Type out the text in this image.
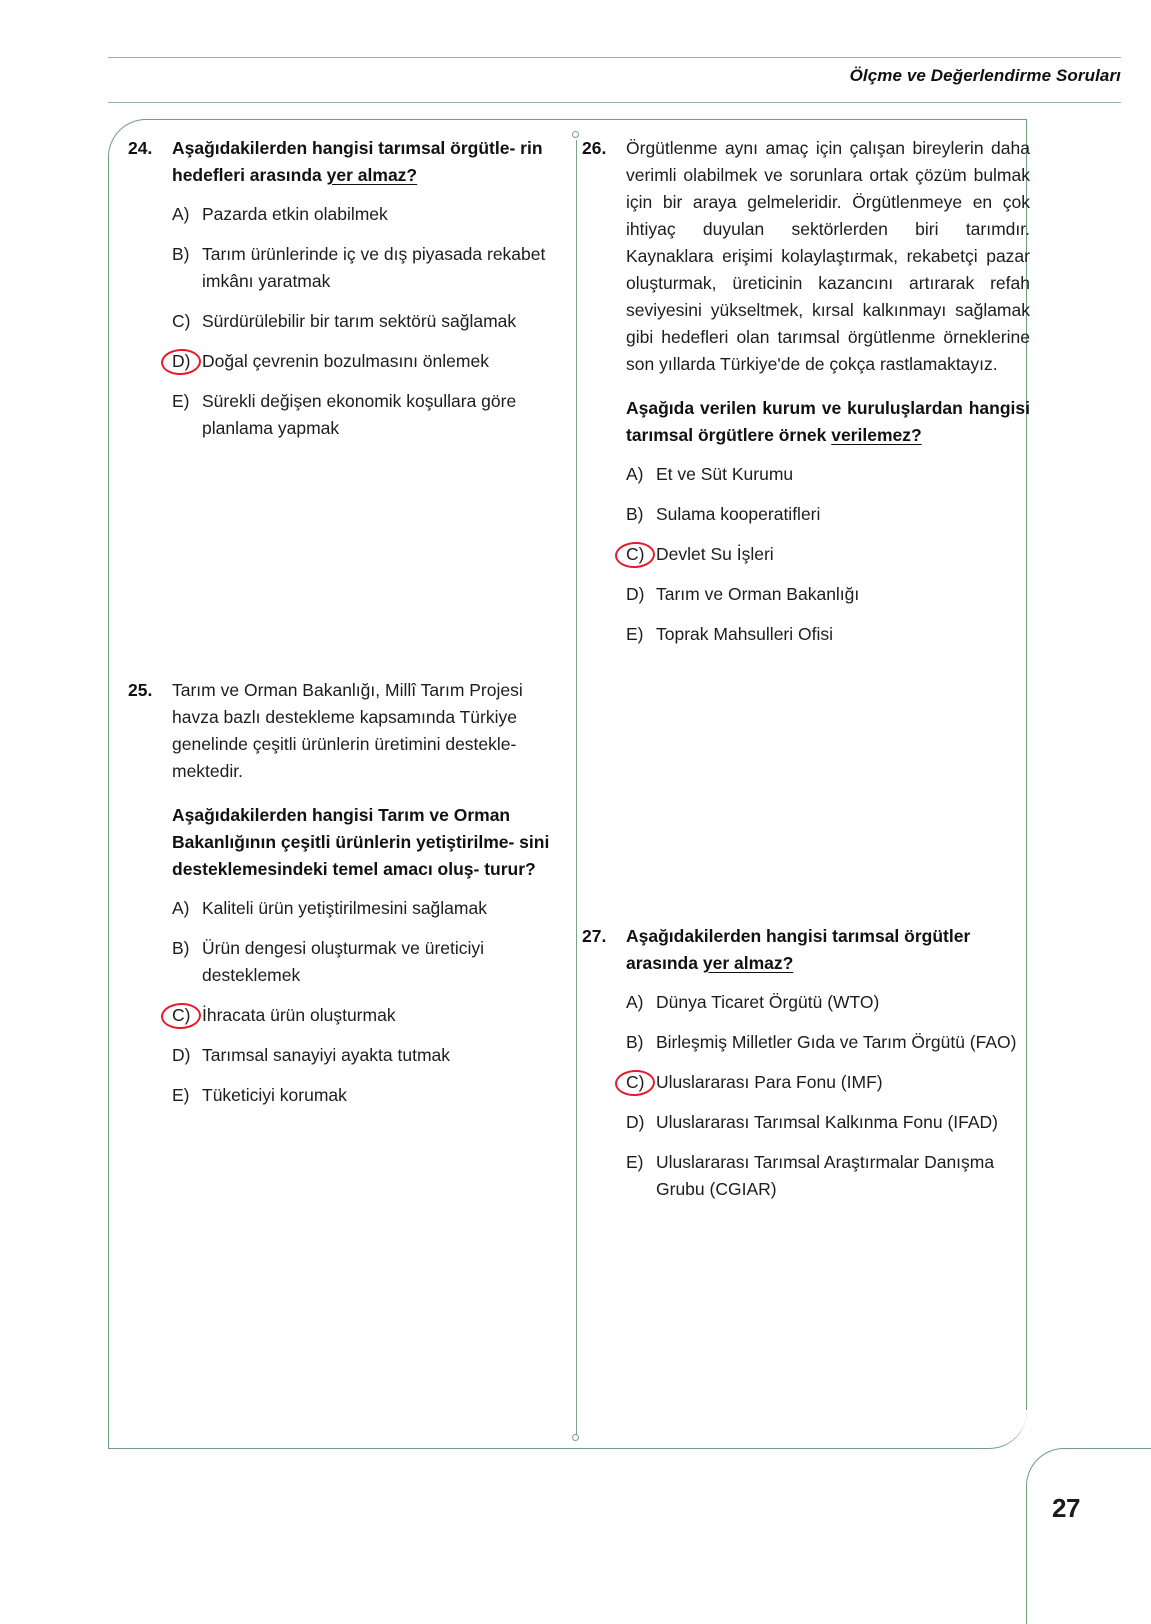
Ölçme ve Değerlendirme Soruları
27
24.	Aşağıdakilerden hangisi tarımsal örgütle- rin hedefleri arasında yer almaz?
A) Pazarda etkin olabilmek
B) Tarım ürünlerinde iç ve dış piyasada rekabet imkânı yaratmak
C) Sürdürülebilir bir tarım sektörü sağlamak
D) Doğal çevrenin bozulmasını önlemek
E) Sürekli değişen ekonomik koşullara göre planlama yapmak
25.	Tarım ve Orman Bakanlığı, Millî Tarım Projesi havza bazlı destekleme kapsamında Türkiye genelinde çeşitli ürünlerin üretimini destekle- mektedir.
Aşağıdakilerden hangisi Tarım ve Orman Bakanlığının çeşitli ürünlerin yetiştirilme- sini desteklemesindeki temel amacı oluş- turur?
A) Kaliteli ürün yetiştirilmesini sağlamak
B) Ürün dengesi oluşturmak ve üreticiyi desteklemek
C) İhracata ürün oluşturmak
D) Tarımsal sanayiyi ayakta tutmak
E) Tüketiciyi korumak
26.	Örgütlenme aynı amaç için çalışan bireylerin daha verimli olabilmek ve sorunlara ortak çözüm bulmak için bir araya gelmeleridir. Örgütlenmeye en çok ihtiyaç duyulan sektörlerden biri tarımdır. Kaynaklara erişimi kolaylaştırmak, rekabetçi pazar oluşturmak, üreticinin kazancını artırarak refah seviyesini yükseltmek, kırsal kalkınmayı sağlamak gibi hedefleri olan tarımsal örgütlenme örneklerine son yıllarda Türkiye'de de çokça rastlamaktayız.
Aşağıda verilen kurum ve kuruluşlardan hangisi tarımsal örgütlere örnek verilemez?
A) Et ve Süt Kurumu
B) Sulama kooperatifleri
C) Devlet Su İşleri
D) Tarım ve Orman Bakanlığı
E) Toprak Mahsulleri Ofisi
27.	Aşağıdakilerden hangisi tarımsal örgütler arasında yer almaz?
A) Dünya Ticaret Örgütü (WTO)
B) Birleşmiş Milletler Gıda ve Tarım Örgütü (FAO)
C) Uluslararası Para Fonu (IMF)
D) Uluslararası Tarımsal Kalkınma Fonu (IFAD)
E) Uluslararası Tarımsal Araştırmalar Danışma Grubu (CGIAR)
